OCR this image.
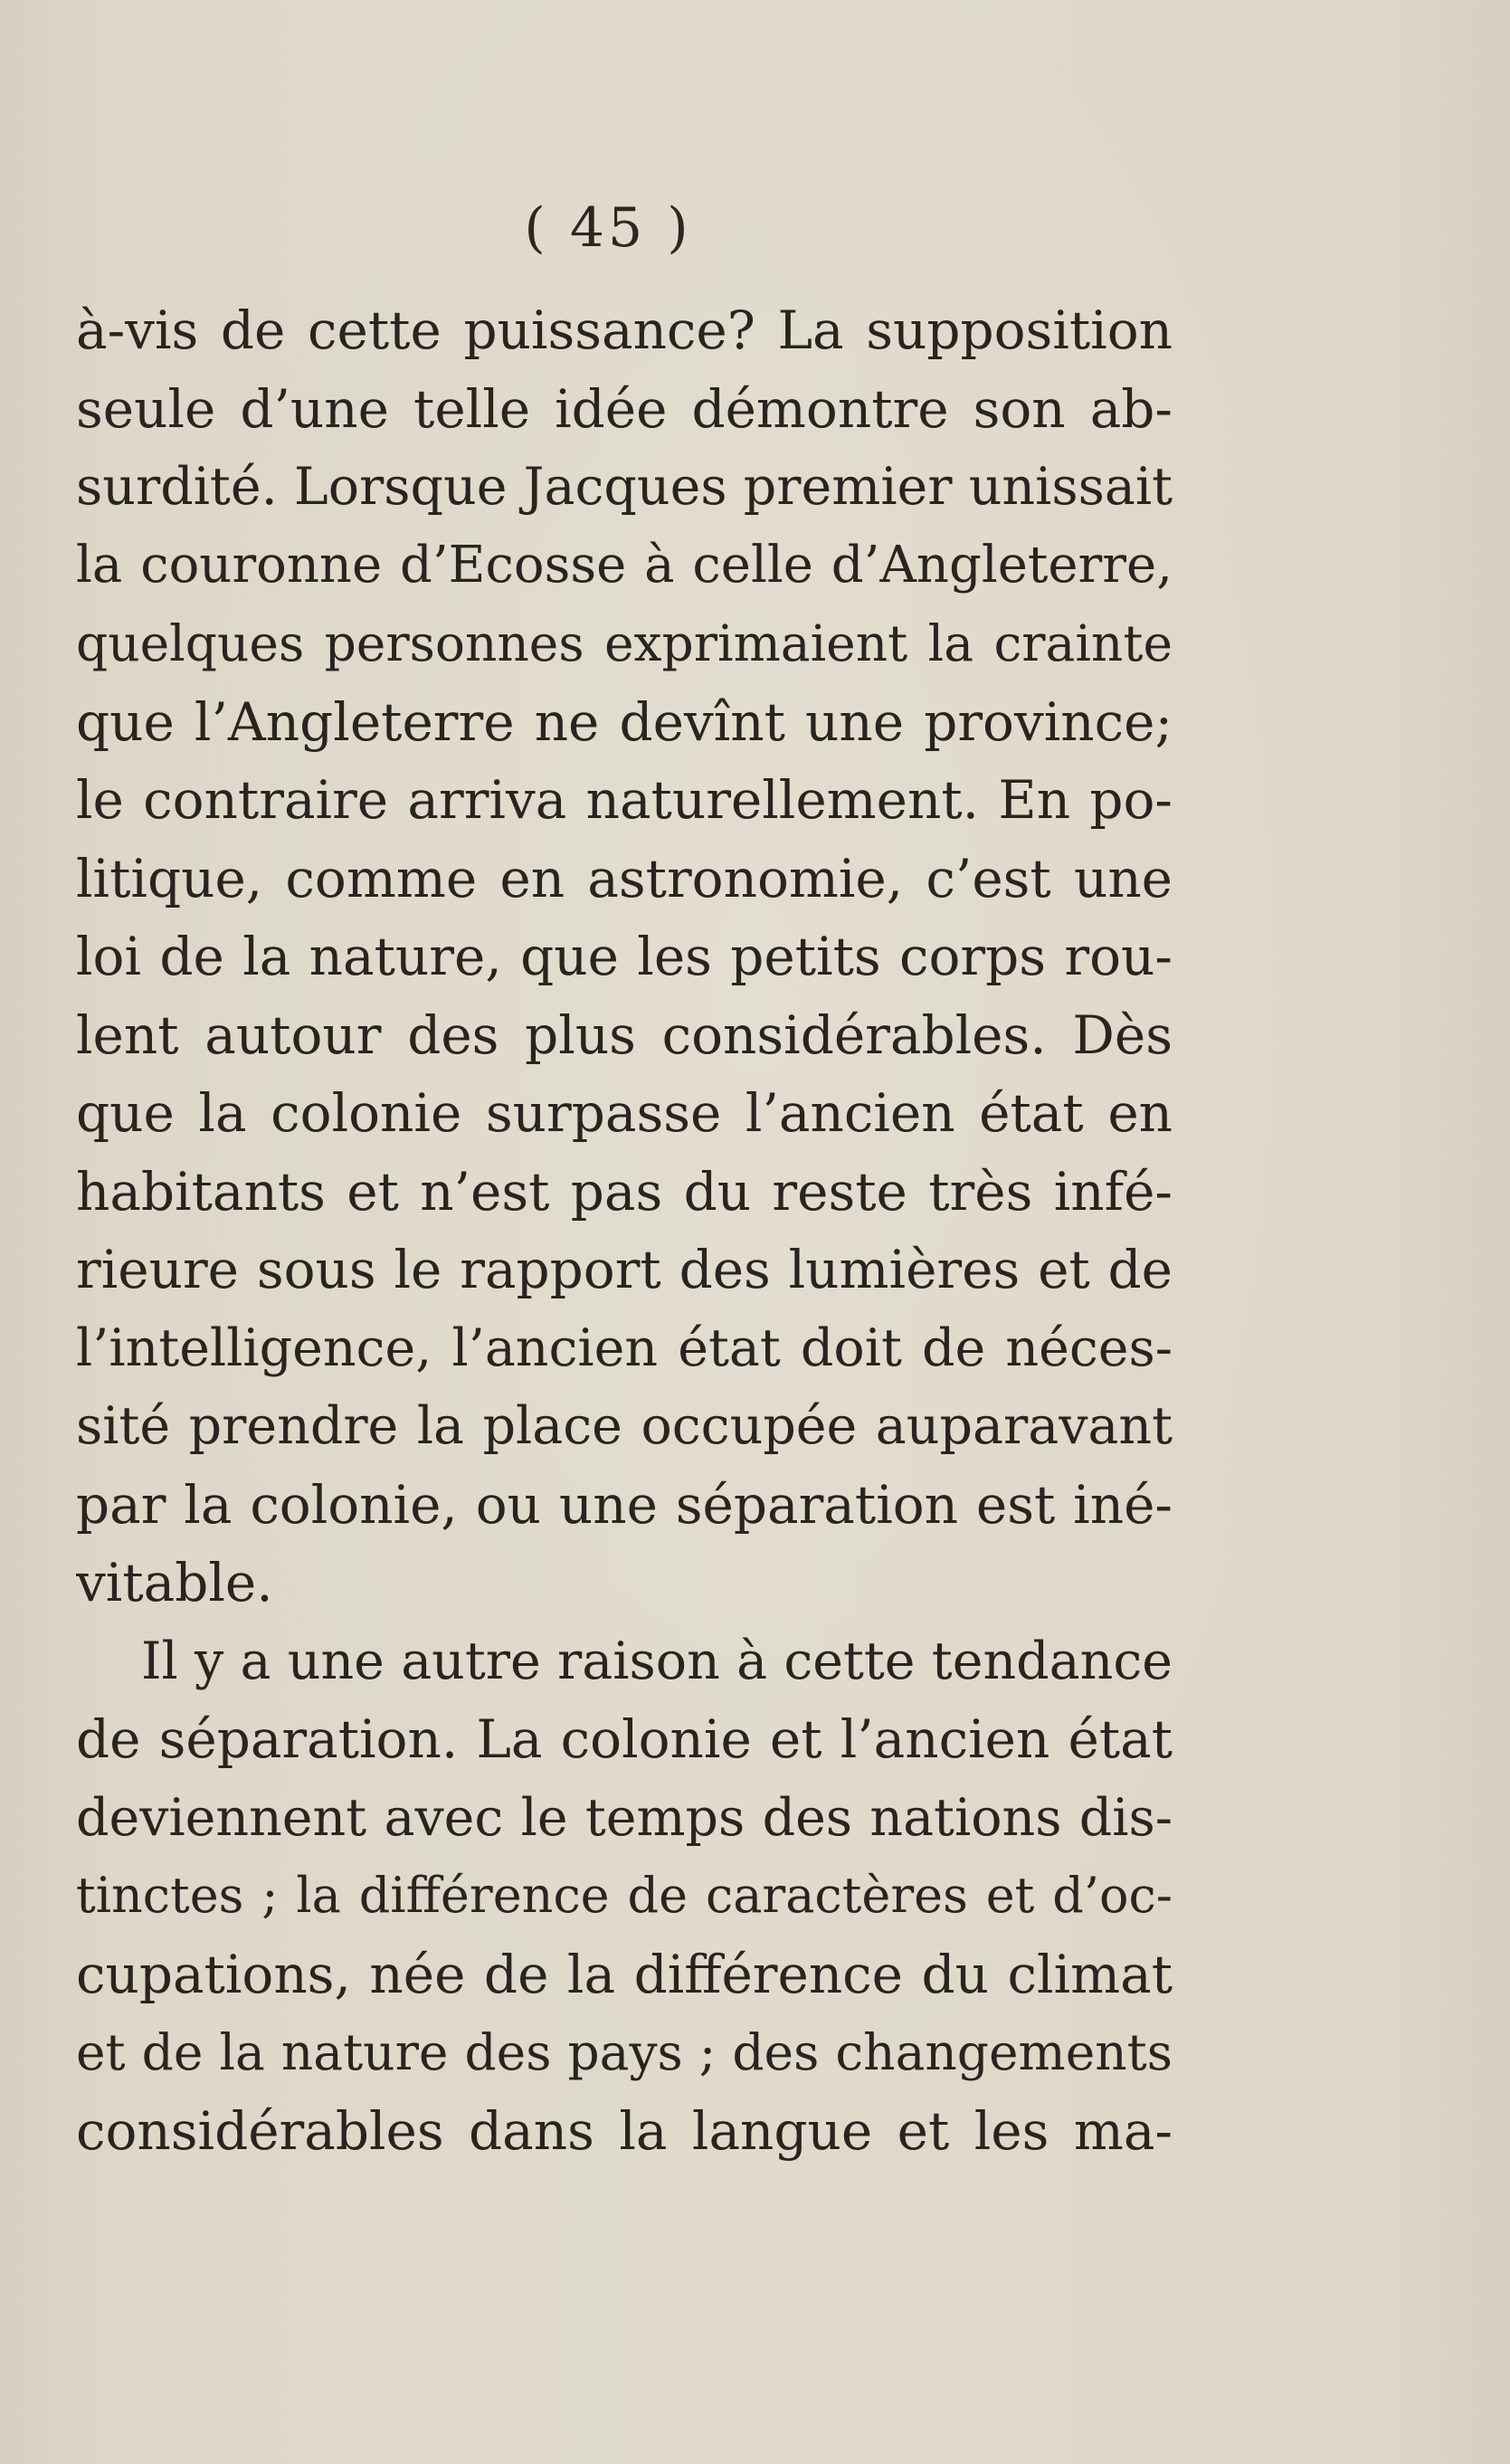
( 45 )
à-vis de cette puissance? La supposition
seule d’une telle idée démontre son ab-
surdité. Lorsque Jacques premier unissait
la couronne d’Ecosse à celle d’Angleterre,
quelques personnes exprimaient la crainte
que l’Angleterre ne devînt une province;
le contraire arriva naturellement. En po-
litique, comme en astronomie, c’est une
loi de la nature, que les petits corps rou-
lent autour des plus considérables. Dès
que la colonie surpasse l’ancien état en
habitants et n’est pas du reste très infé-
rieure sous le rapport des lumières et de
l’intelligence, l’ancien état doit de néces-
sité prendre la place occupée auparavant
par la colonie, ou une séparation est iné-
vitable.
Il y a une autre raison à cette tendance
de séparation. La colonie et l’ancien état
deviennent avec le temps des nations dis-
tinctes ; la différence de caractères et d’oc-
cupations, née de la différence du climat
et de la nature des pays ; des changements
considérables dans la langue et les ma-
